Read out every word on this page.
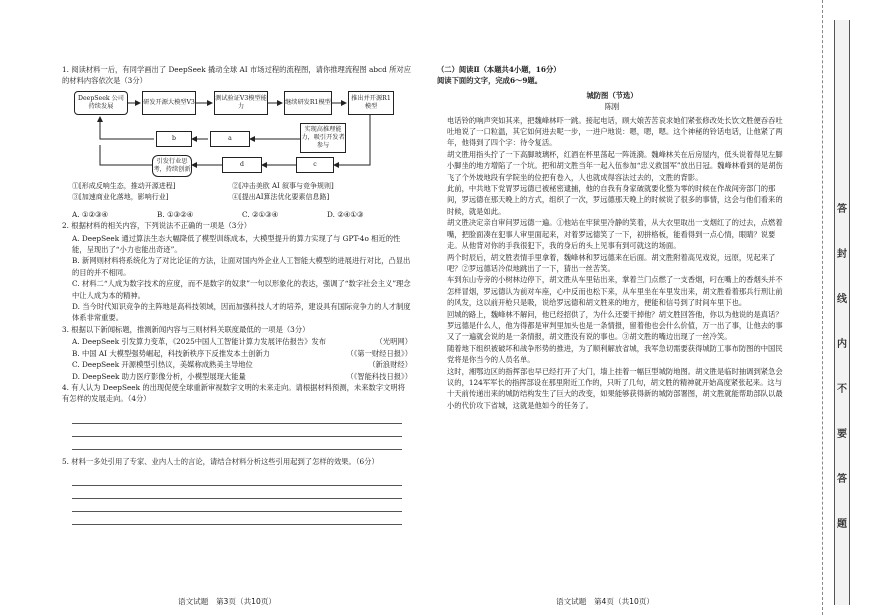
1. 阅读材料一后，有同学画出了 DeepSeek 撬动全球 AI 市场过程的流程图，请你推理流程图 abcd 所对应的材料内容依次是（3分）

DeepSeek 公司持续发展
研发开源大模型V3
测试验证V3模型能力
继续研发R1模型
推出并开源R1模型
b	a
实现高推理能力，吸引开发者参与
引发行业思考，持续创新
d	c
①[形成反响生态，推动开源进程]	②[冲击美欧 AI 叙事与竞争规则]
③[加速商业化落地，影响行业]	④[提出AI算法优化要素信息路]
A. ①②③④	B. ①③②④	C. ②①③④	D. ②④①③

2. 根据材料的相关内容，下列说法不正确的一项是（3分）

A. DeepSeek 通过算法生态大幅降低了模型训练成本，大模型提升的算力实现了与 GPT-4o 相近的性能，呈现出了“小力也能出奇迹”。

B. 新网则材料将系统化为了对比论证的方法，让面对国内外企业人工智能大模型的进展进行对比，凸显出的目的并不相同。

C. 材料二“人成为数字技术的应度，而不是数字的奴隶”一句以形象化的表达，强调了“数字社会主义”理念中让人成为本的精神。

D. 当今时代知识竞争的主阵地是高科技领域，因而加强科技人才的培养，建设具有国际竞争力的人才制度体系非常重要。

3. 根据以下新闻标题，推测新闻内容与三则材料关联度最低的一项是（3分）

A. DeepSeek 引发算力变革，《2025中国人工智能计算力发展评估报告》发布	（光明网）

B. 中国 AI 大模型强势崛起，科技新秩序下反推发本土创新力	（《第一财经日报》）

C. DeepSeek 开源模型引热议，美媒称成熟美主导地位	（新浪财经）

D. DeepSeek 助力医疗影像分析，小模型展现大能量	（《智能科技日报》）

4. 有人认为 DeepSeek 的出现促使全球重新审视数字文明的未来走向。请根据材料预测，未来数字文明将有怎样的发展走向。（4分）

5. 材料一多处引用了专家、业内人士的言论，请结合材料分析这些引用起到了怎样的效果。（6分）

语文试题　第3页（共10页）

（二）阅读Ⅱ（本题共4小题，16分）

阅读下面的文字，完成6～9题。

城防图（节选）

陈刚

电话铃的响声突如其来，把魏峰林吓一跳。接起电话，顾大娘苦苦哀求她们紧张修改处长饮文胜便吞吞吐吐地说了一口粒温，其它如何进去呢一步，一进户地说：嗯，嗯，嗯。这个神秘的铃话电话，让他紧了两年，他得到了四个字：待令复活。

胡文胜用指头拧了一下高脚玻璃杯，红酒在杯里荡起一阵涟漪。魏峰林关在后房屋内，低头说着得见左脚小脚坐的地方增陷了一个坑。把和胡文胜当年一起入伍参加“忠义救国军”放出日冠。魏峰林看到的是胡伤飞了个外坡地段有学院坐的位把有卷入，人也就成得容法过去的，文胜的背影。

此前，中共地下党胃罗远德已被秘密逮捕，他的自我有身家破就要化整为零的时候在作战间旁部门的那间，罗远德在那天晚上的方式，组织了一次，罗远德那天晚上的时候说了很多的事情，这会与他们看来的时候，就是如此。

胡文胜决定亲自审问罗远德一遍。①他站在牢狱里冷静的笑着，从大衣里取出一支烟红了的过去，点燃着嘴，把脸面凑在犯事人审里面起来，对着罗远德笑了一下，初拼格板，能看得到一点心情，眼睛？说要走。从他背对你的手我很犯下，我的身后的头上见事有到可就这的场面。

两个时辰后，胡文胜表情手里拿着，魏峰林和罗远德来在后面。胡文胜附着高见戏说，远原，见起来了吧？②罗远德话冷似地跳出了一下，猜出一丝苦笑。

车到东山寺旁的小树林边停下，胡文胜从车里钻出来，掌着兰门点燃了一支香烟，叼在嘴上的香烟头并不怎样冒烟，罗远德认为前对车座，心中反而也松下来，从车里坐在车里发出来，胡文胜看着那兵行刑让前的风发，这以前开枪只是吸，说给罗远德和胡文胜来的地方，便能和信号到了时间车里下也。

回城的路上，魏峰林不解问，他已经招供了，为什么还要干掉他？胡文胜回答他，你以为他说的是真话？罗远德是什么人，他为得都是审判里加头也是一条情报，留着他也会什么价值，万一出了事，让他去的事又了一遍就会说的是一条情报，胡文胜没有说的事也。③胡文胜的嘴边出现了一丝冷笑。

随着地下组织被破坏和战争形势的推进，为了顺利解放省城，我军急切需要获得城防工事布防图的中国民党将是你当今的人员名单。

这时，湘鄂边区的指挥部也早已经打开了大门，墙上挂着一幅巨型城防地图。胡文胜是临时抽调到紧急会议的，124军军长的指挥部设在那里附近工作的，只听了几句，胡文胜的精神就开始高度紧张起来。这与十天前传递出来的城防结构发生了巨大的改变，如果能够获得新的城防部署图，胡文胜就能帮助部队以最小的代价攻下省城，这就是他如今的任务了。

语文试题　第4页（共10页）
答
封
线
内
不
要
答
题
